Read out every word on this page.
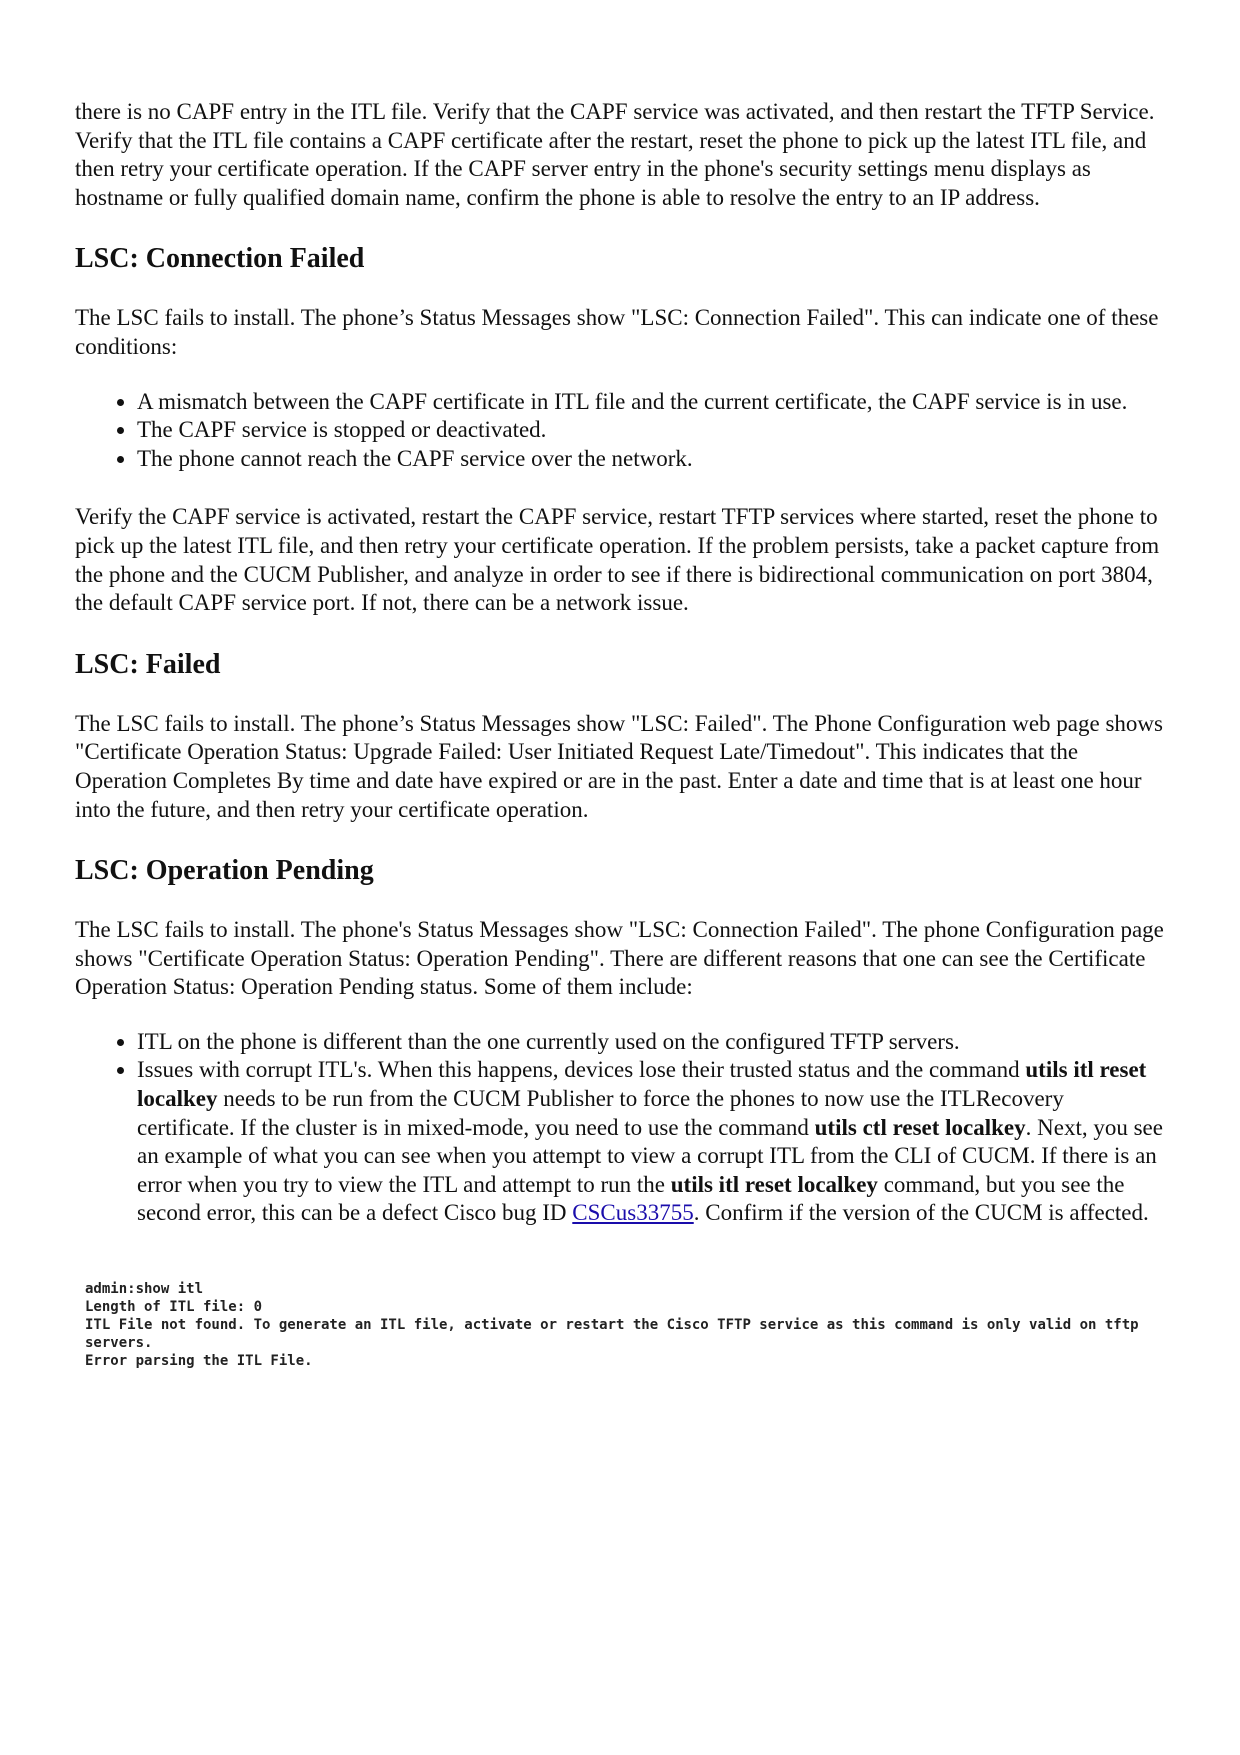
there is no CAPF entry in the ITL file. Verify that the CAPF service was activated, and then restart the TFTP Service. Verify that the ITL file contains a CAPF certificate after the restart, reset the phone to pick up the latest ITL file, and then retry your certificate operation. If the CAPF server entry in the phone's security settings menu displays as hostname or fully qualified domain name, confirm the phone is able to resolve the entry to an IP address.

LSC: Connection Failed

The LSC fails to install. The phone’s Status Messages show "LSC: Connection Failed". This can indicate one of these conditions:

• A mismatch between the CAPF certificate in ITL file and the current certificate, the CAPF service is in use.
• The CAPF service is stopped or deactivated.
• The phone cannot reach the CAPF service over the network.

Verify the CAPF service is activated, restart the CAPF service, restart TFTP services where started, reset the phone to pick up the latest ITL file, and then retry your certificate operation. If the problem persists, take a packet capture from the phone and the CUCM Publisher, and analyze in order to see if there is bidirectional communication on port 3804, the default CAPF service port. If not, there can be a network issue.

LSC: Failed

The LSC fails to install. The phone’s Status Messages show "LSC: Failed". The Phone Configuration web page shows "Certificate Operation Status: Upgrade Failed: User Initiated Request Late/Timedout". This indicates that the Operation Completes By time and date have expired or are in the past. Enter a date and time that is at least one hour into the future, and then retry your certificate operation.

LSC: Operation Pending

The LSC fails to install. The phone's Status Messages show "LSC: Connection Failed". The phone Configuration page shows "Certificate Operation Status: Operation Pending". There are different reasons that one can see the Certificate Operation Status: Operation Pending status. Some of them include:

• ITL on the phone is different than the one currently used on the configured TFTP servers.
• Issues with corrupt ITL's. When this happens, devices lose their trusted status and the command utils itl reset localkey needs to be run from the CUCM Publisher to force the phones to now use the ITLRecovery certificate. If the cluster is in mixed-mode, you need to use the command utils ctl reset localkey. Next, you see an example of what you can see when you attempt to view a corrupt ITL from the CLI of CUCM. If there is an error when you try to view the ITL and attempt to run the utils itl reset localkey command, but you see the second error, this can be a defect Cisco bug ID CSCus33755. Confirm if the version of the CUCM is affected.
admin:show itl
Length of ITL file: 0
ITL File not found. To generate an ITL file, activate or restart the Cisco TFTP service as this command is only valid on tftp servers.
Error parsing the ITL File.
